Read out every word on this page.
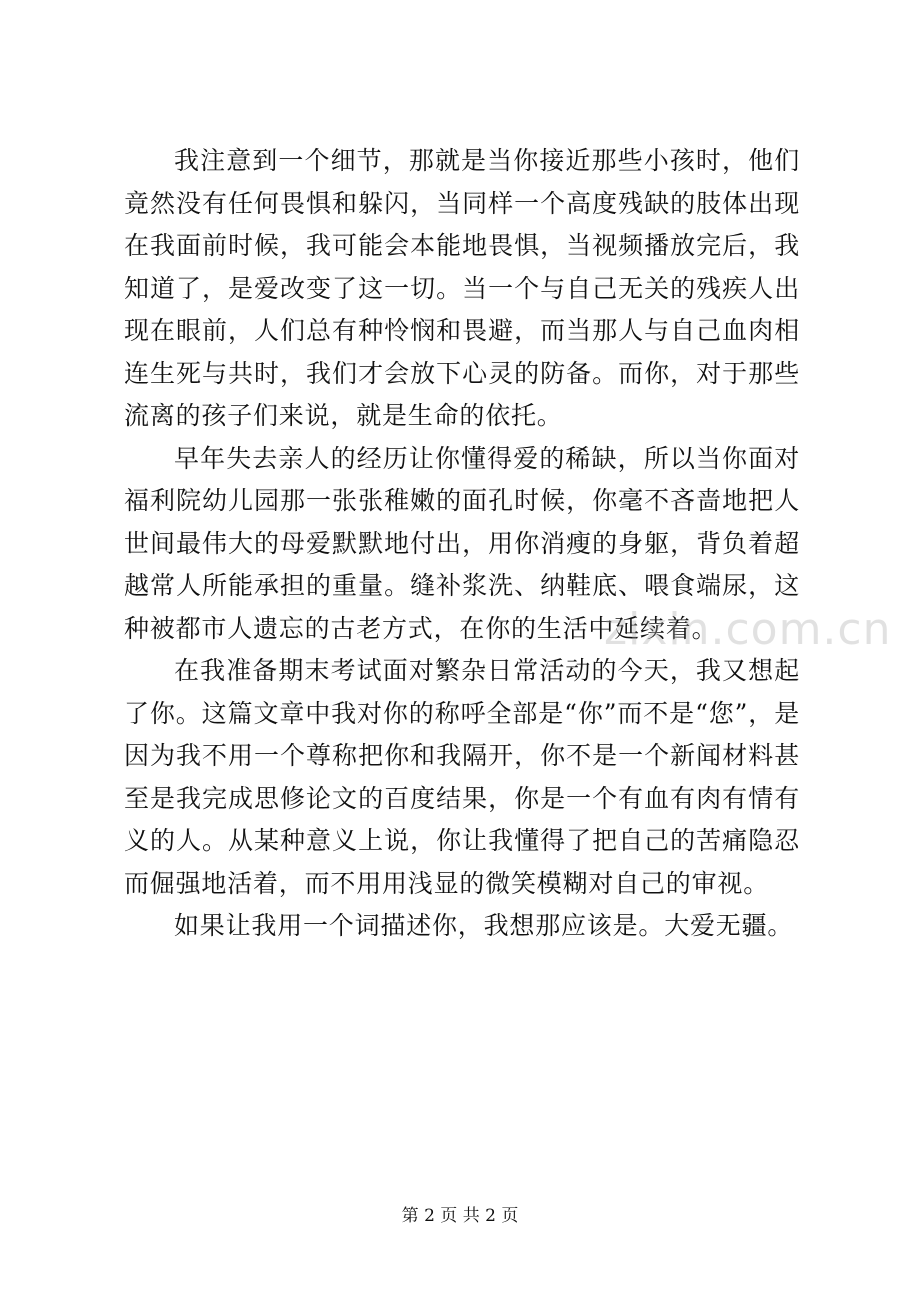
我注意到一个细节，那就是当你接近那些小孩时，他们竟然没有任何畏惧和躲闪，当同样一个高度残缺的肢体出现在我面前时候，我可能会本能地畏惧，当视频播放完后，我知道了，是爱改变了这一切。当一个与自己无关的残疾人出现在眼前，人们总有种怜悯和畏避，而当那人与自己血肉相连生死与共时，我们才会放下心灵的防备。而你，对于那些流离的孩子们来说，就是生命的依托。

早年失去亲人的经历让你懂得爱的稀缺，所以当你面对福利院幼儿园那一张张稚嫩的面孔时候，你毫不吝啬地把人世间最伟大的母爱默默地付出，用你消瘦的身躯，背负着超越常人所能承担的重量。缝补浆洗、纳鞋底、喂食端尿，这种被都市人遗忘的古老方式，在你的生活中延续着。

在我准备期末考试面对繁杂日常活动的今天，我又想起了你。这篇文章中我对你的称呼全部是“你”而不是“您”，是因为我不用一个尊称把你和我隔开，你不是一个新闻材料甚至是我完成思修论文的百度结果，你是一个有血有肉有情有义的人。从某种意义上说，你让我懂得了把自己的苦痛隐忍而倔强地活着，而不用用浅显的微笑模糊对自己的审视。

如果让我用一个词描述你，我想那应该是。大爱无疆。

zixin.com.cn
第 2 页 共 2 页
